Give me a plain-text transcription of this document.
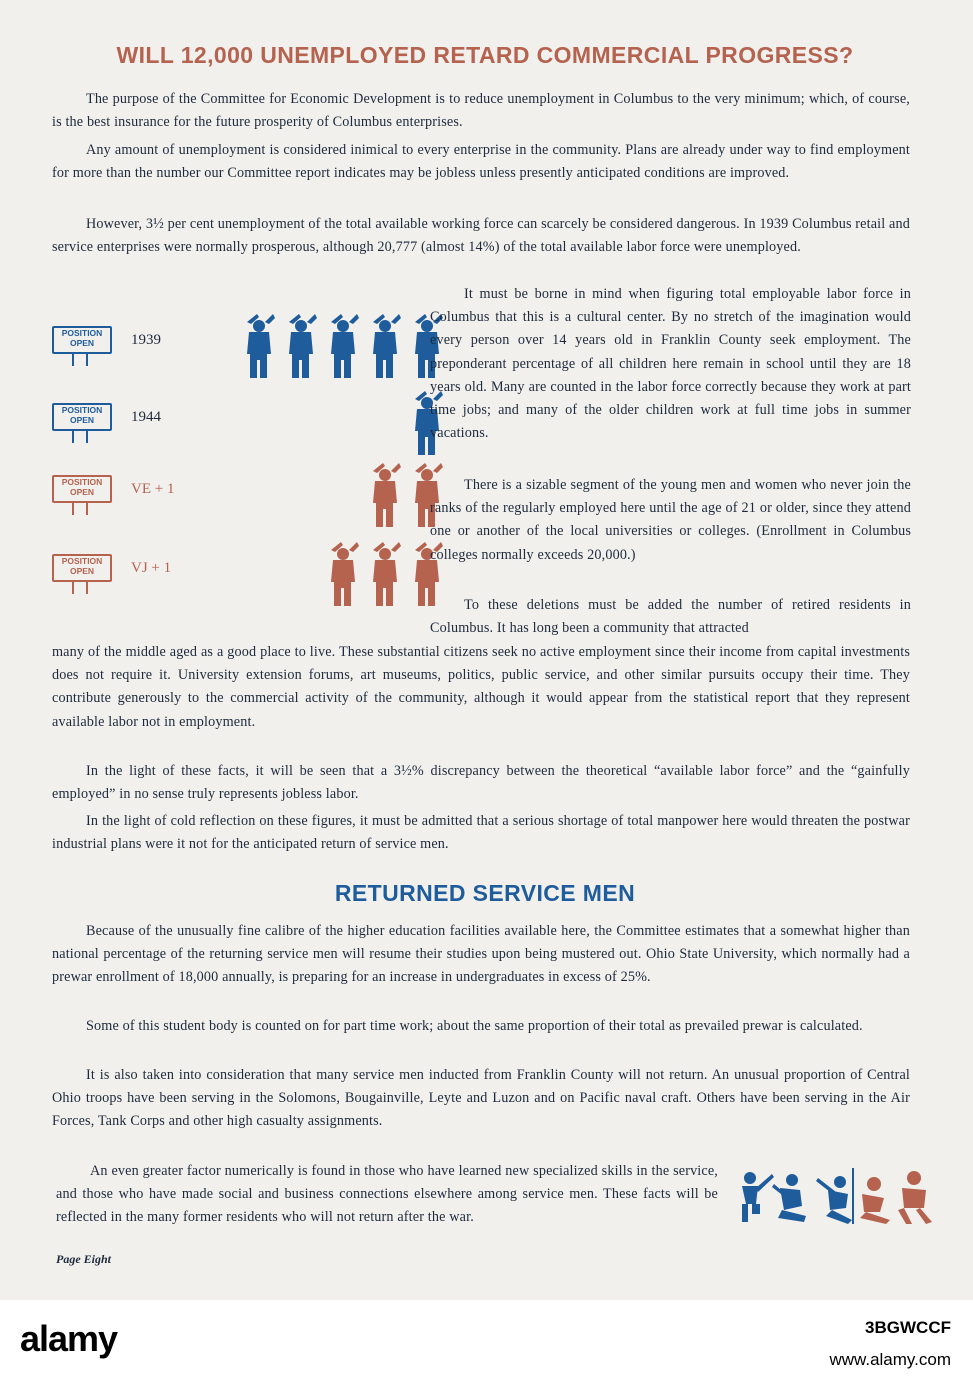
WILL 12,000 UNEMPLOYED RETARD COMMERCIAL PROGRESS?

The purpose of the Committee for Economic Development is to reduce unemployment in Columbus to the very minimum; which, of course, is the best insurance for the future prosperity of Columbus enterprises.

Any amount of unemployment is considered inimical to every enterprise in the community. Plans are already under way to find employment for more than the number our Committee report indicates may be jobless unless presently anticipated conditions are improved.

However, 3½ per cent unemployment of the total available working force can scarcely be considered dangerous. In 1939 Columbus retail and service enterprises were normally prosperous, although 20,777 (almost 14%) of the total available labor force were unemployed.

POSITION
OPEN	1939
POSITION
OPEN	1944
POSITION
OPEN	VE + 1
POSITION
OPEN	VJ + 1

It must be borne in mind when figuring total employable labor force in Columbus that this is a cultural center. By no stretch of the imagination would every person over 14 years old in Franklin County seek employment. The preponderant percentage of all children here remain in school until they are 18 years old. Many are counted in the labor force correctly because they work at part time jobs; and many of the older children work at full time jobs in summer vacations.

There is a sizable segment of the young men and women who never join the ranks of the regularly employed here until the age of 21 or older, since they attend one or another of the local universities or colleges. (Enrollment in Columbus colleges normally exceeds 20,000.)

To these deletions must be added the number of retired residents in Columbus. It has long been a community that attracted

many of the middle aged as a good place to live. These substantial citizens seek no active employment since their income from capital investments does not require it. University extension forums, art museums, politics, public service, and other similar pursuits occupy their time. They contribute generously to the commercial activity of the community, although it would appear from the statistical report that they represent available labor not in employment.

In the light of these facts, it will be seen that a 3½% discrepancy between the theoretical “available labor force” and the “gainfully employed” in no sense truly represents jobless labor.

In the light of cold reflection on these figures, it must be admitted that a serious shortage of total manpower here would threaten the postwar industrial plans were it not for the anticipated return of service men.

RETURNED SERVICE MEN

Because of the unusually fine calibre of the higher education facilities available here, the Committee estimates that a somewhat higher than national percentage of the returning service men will resume their studies upon being mustered out. Ohio State University, which normally had a prewar enrollment of 18,000 annually, is preparing for an increase in undergraduates in excess of 25%.

Some of this student body is counted on for part time work; about the same proportion of their total as prevailed prewar is calculated.

It is also taken into consideration that many service men inducted from Franklin County will not return. An unusual proportion of Central Ohio troops have been serving in the Solomons, Bougainville, Leyte and Luzon and on Pacific naval craft. Others have been serving in the Air Forces, Tank Corps and other high casualty assignments.

An even greater factor numerically is found in those who have learned new specialized skills in the service, and those who have made social and business connections elsewhere among service men. These facts will be reflected in the many former residents who will not return after the war.

Page Eight
alamy	3BGWCCF
www.alamy.com
